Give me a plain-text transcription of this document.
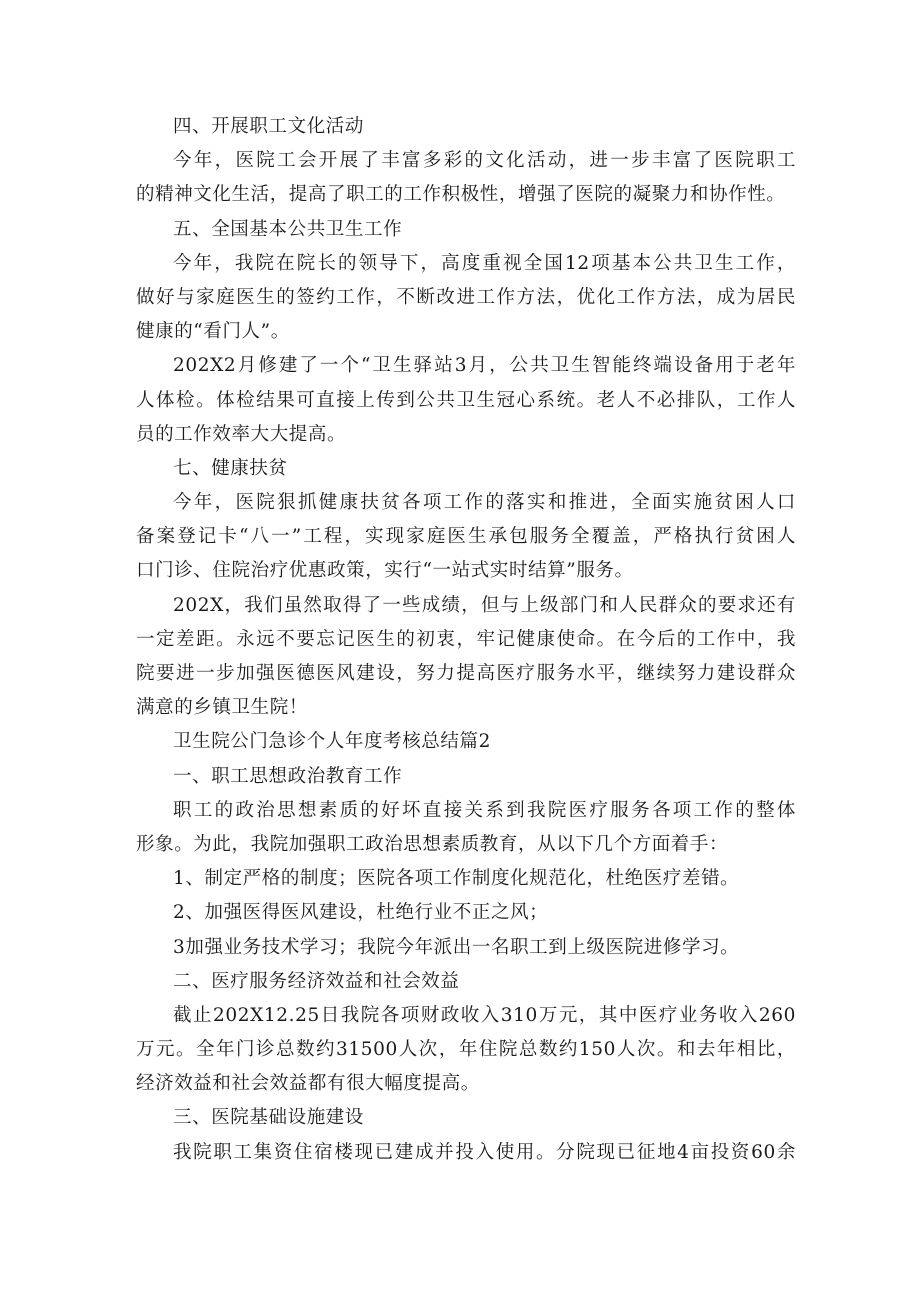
四、开展职工文化活动
今年，医院工会开展了丰富多彩的文化活动，进一步丰富了医院职工
的精神文化生活，提高了职工的工作积极性，增强了医院的凝聚力和协作性。
五、全国基本公共卫生工作
今年，我院在院长的领导下，高度重视全国12项基本公共卫生工作，
做好与家庭医生的签约工作，不断改进工作方法，优化工作方法，成为居民
健康的“看门人”。
202X2月修建了一个“卫生驿站3月，公共卫生智能终端设备用于老年
人体检。体检结果可直接上传到公共卫生冠心系统。老人不必排队，工作人
员的工作效率大大提高。
七、健康扶贫
今年，医院狠抓健康扶贫各项工作的落实和推进，全面实施贫困人口
备案登记卡“八一”工程，实现家庭医生承包服务全覆盖，严格执行贫困人
口门诊、住院治疗优惠政策，实行“一站式实时结算”服务。
202X，我们虽然取得了一些成绩，但与上级部门和人民群众的要求还有
一定差距。永远不要忘记医生的初衷，牢记健康使命。在今后的工作中，我
院要进一步加强医德医风建设，努力提高医疗服务水平，继续努力建设群众
满意的乡镇卫生院！
卫生院公门急诊个人年度考核总结篇2
一、职工思想政治教育工作
职工的政治思想素质的好坏直接关系到我院医疗服务各项工作的整体
形象。为此，我院加强职工政治思想素质教育，从以下几个方面着手：
1、制定严格的制度；医院各项工作制度化规范化，杜绝医疗差错。
2、加强医得医风建设，杜绝行业不正之风；
3加强业务技术学习；我院今年派出一名职工到上级医院进修学习。
二、医疗服务经济效益和社会效益
截止202X12.25日我院各项财政收入310万元，其中医疗业务收入260
万元。全年门诊总数约31500人次，年住院总数约150人次。和去年相比，
经济效益和社会效益都有很大幅度提高。
三、医院基础设施建设
我院职工集资住宿楼现已建成并投入使用。分院现已征地4亩投资60余
